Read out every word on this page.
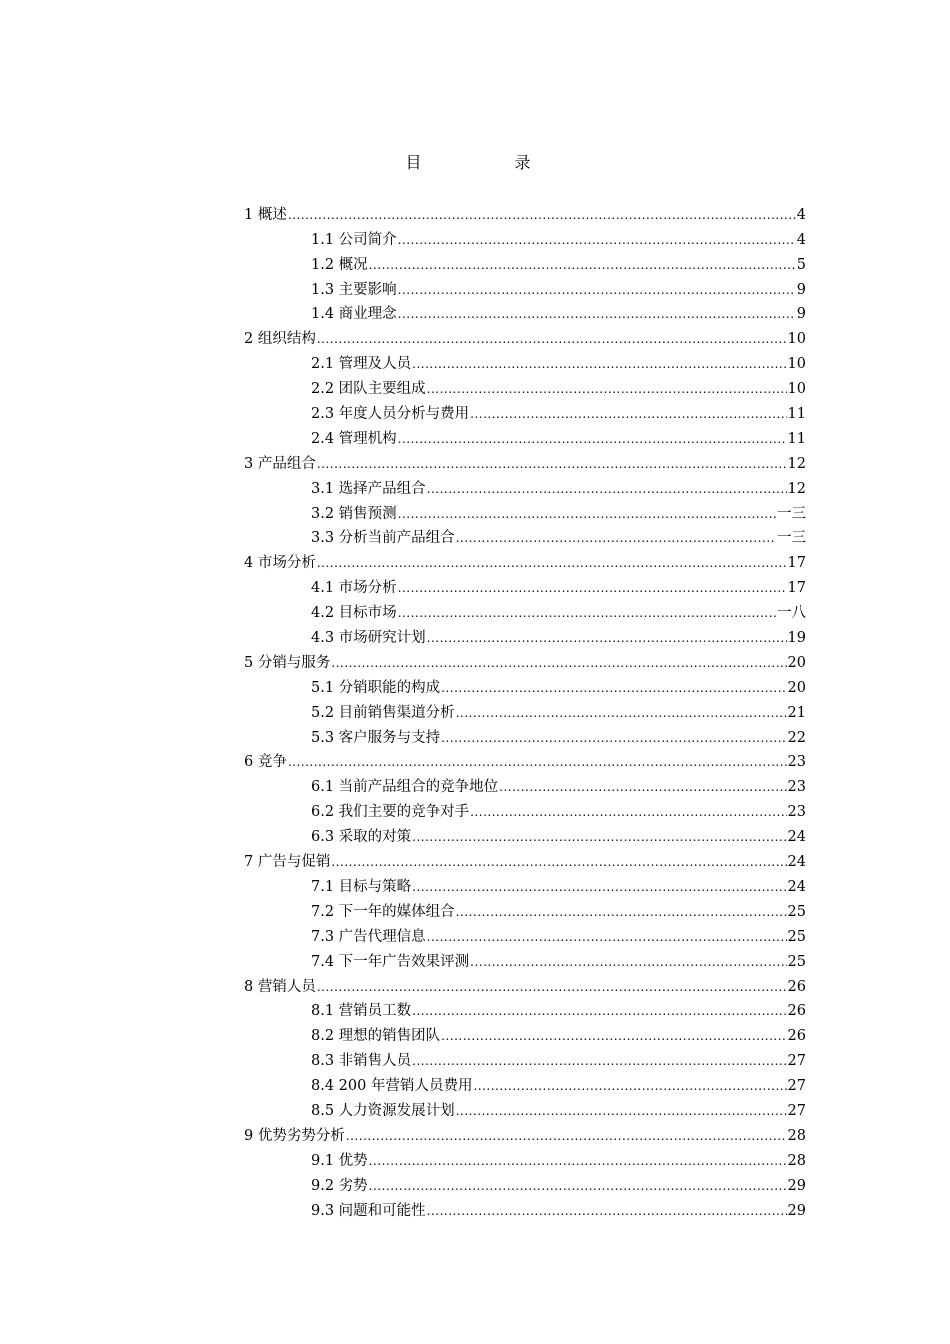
目 录
1 概述 .....	4
1.1 公司简介 .....	4
1.2 概况 .....	5
1.3 主要影响 .....	9
1.4 商业理念 .....	9
2 组织结构 .....	10
2.1 管理及人员 .....	10
2.2 团队主要组成 .....	10
2.3 年度人员分析与费用 .....	11
2.4 管理机构 .....	11
3 产品组合 .....	12
3.1 选择产品组合 .....	12
3.2 销售预测 .....	一三
3.3 分析当前产品组合 .....	一三
4 市场分析 .....	17
4.1 市场分析 .....	17
4.2 目标市场 .....	一八
4.3 市场研究计划 .....	19
5 分销与服务 .....	20
5.1 分销职能的构成 .....	20
5.2 目前销售渠道分析 .....	21
5.3 客户服务与支持 .....	22
6 竞争 .....	23
6.1 当前产品组合的竞争地位 .....	23
6.2 我们主要的竞争对手 .....	23
6.3 采取的对策 .....	24
7 广告与促销 .....	24
7.1 目标与策略 .....	24
7.2 下一年的媒体组合 .....	25
7.3 广告代理信息 .....	25
7.4 下一年广告效果评测 .....	25
8 营销人员 .....	26
8.1 营销员工数 .....	26
8.2 理想的销售团队 .....	26
8.3 非销售人员 .....	27
8.4 200 年营销人员费用 .....	27
8.5 人力资源发展计划 .....	27
9 优势劣势分析 .....	28
9.1 优势 .....	28
9.2 劣势 .....	29
9.3 问题和可能性 .....	29
